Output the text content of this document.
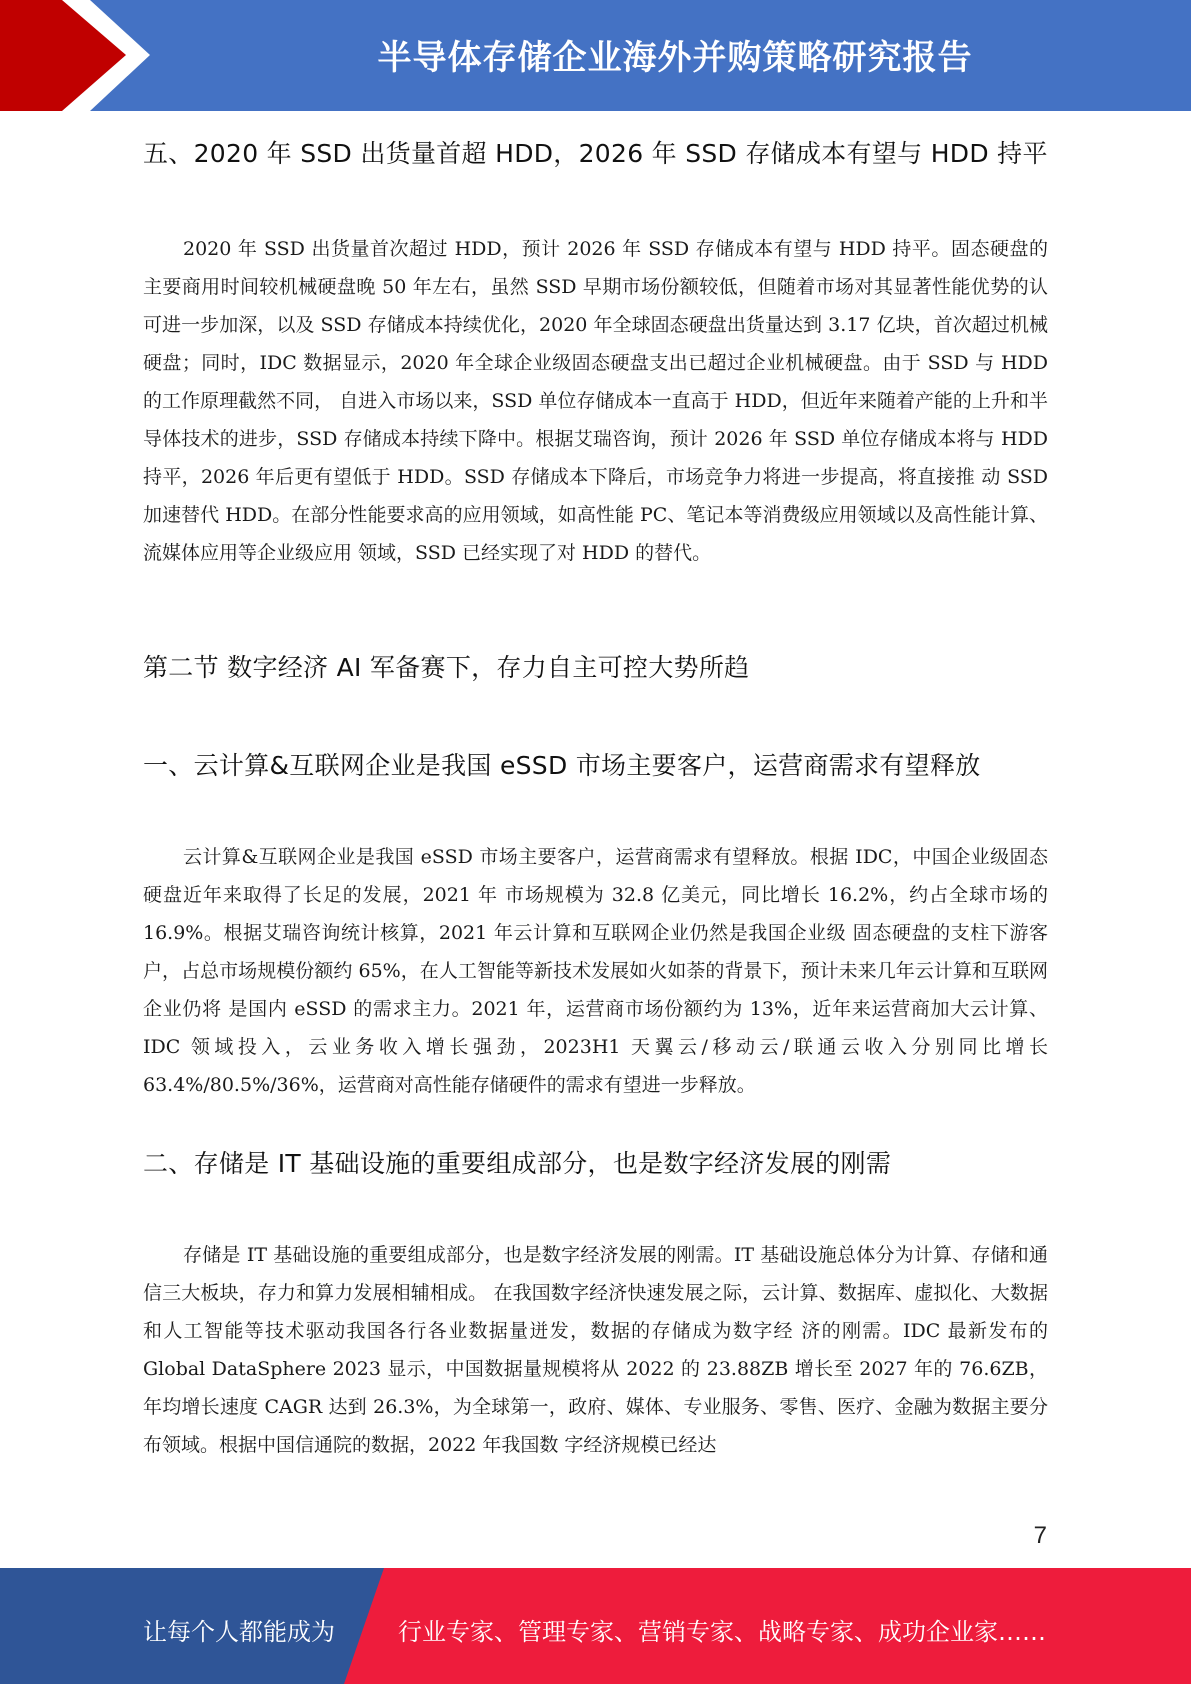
半导体存储企业海外并购策略研究报告
五、2020 年 SSD 出货量首超 HDD，2026 年 SSD 存储成本有望与 HDD 持平

2020 年 SSD 出货量首次超过 HDD，预计 2026 年 SSD 存储成本有望与 HDD 持平。固态硬盘的主要商用时间较机械硬盘晚 50 年左右，虽然 SSD 早期市场份额较低，但随着市场对其显著性能优势的认可进一步加深，以及 SSD 存储成本持续优化，2020 年全球固态硬盘出货量达到 3.17 亿块，首次超过机械硬盘；同时，IDC 数据显示，2020 年全球企业级固态硬盘支出已超过企业机械硬盘。由于 SSD 与 HDD 的工作原理截然不同， 自进入市场以来，SSD 单位存储成本一直高于 HDD，但近年来随着产能的上升和半导体技术的进步，SSD 存储成本持续下降中。根据艾瑞咨询，预计 2026 年 SSD 单位存储成本将与 HDD 持平，2026 年后更有望低于 HDD。SSD 存储成本下降后，市场竞争力将进一步提高，将直接推 动 SSD 加速替代 HDD。在部分性能要求高的应用领域，如高性能 PC、笔记本等消费级应用领域以及高性能计算、流媒体应用等企业级应用 领域，SSD 已经实现了对 HDD 的替代。

第二节 数字经济 AI 军备赛下，存力自主可控大势所趋
一、云计算&互联网企业是我国 eSSD 市场主要客户，运营商需求有望释放

云计算&互联网企业是我国 eSSD 市场主要客户，运营商需求有望释放。根据 IDC，中国企业级固态硬盘近年来取得了长足的发展，2021 年 市场规模为 32.8 亿美元，同比增长 16.2%，约占全球市场的 16.9%。根据艾瑞咨询统计核算，2021 年云计算和互联网企业仍然是我国企业级 固态硬盘的支柱下游客户，占总市场规模份额约 65%，在人工智能等新技术发展如火如荼的背景下，预计未来几年云计算和互联网企业仍将 是国内 eSSD 的需求主力。2021 年，运营商市场份额约为 13%，近年来运营商加大云计算、IDC 领域投入，云业务收入增长强劲，2023H1 天翼云/移动云/联通云收入分别同比增长 63.4%/80.5%/36%，运营商对高性能存储硬件的需求有望进一步释放。

二、存储是 IT 基础设施的重要组成部分，也是数字经济发展的刚需

存储是 IT 基础设施的重要组成部分，也是数字经济发展的刚需。IT 基础设施总体分为计算、存储和通信三大板块，存力和算力发展相辅相成。 在我国数字经济快速发展之际，云计算、数据库、虚拟化、大数据和人工智能等技术驱动我国各行各业数据量迸发，数据的存储成为数字经 济的刚需。IDC 最新发布的 Global DataSphere 2023 显示，中国数据量规模将从 2022 的 23.88ZB 增长至 2027 年的 76.6ZB，年均增长速度 CAGR 达到 26.3%，为全球第一，政府、媒体、专业服务、零售、医疗、金融为数据主要分布领域。根据中国信通院的数据，2022 年我国数 字经济规模已经达

7
让每个人都能成为	行业专家、管理专家、营销专家、战略专家、成功企业家……
